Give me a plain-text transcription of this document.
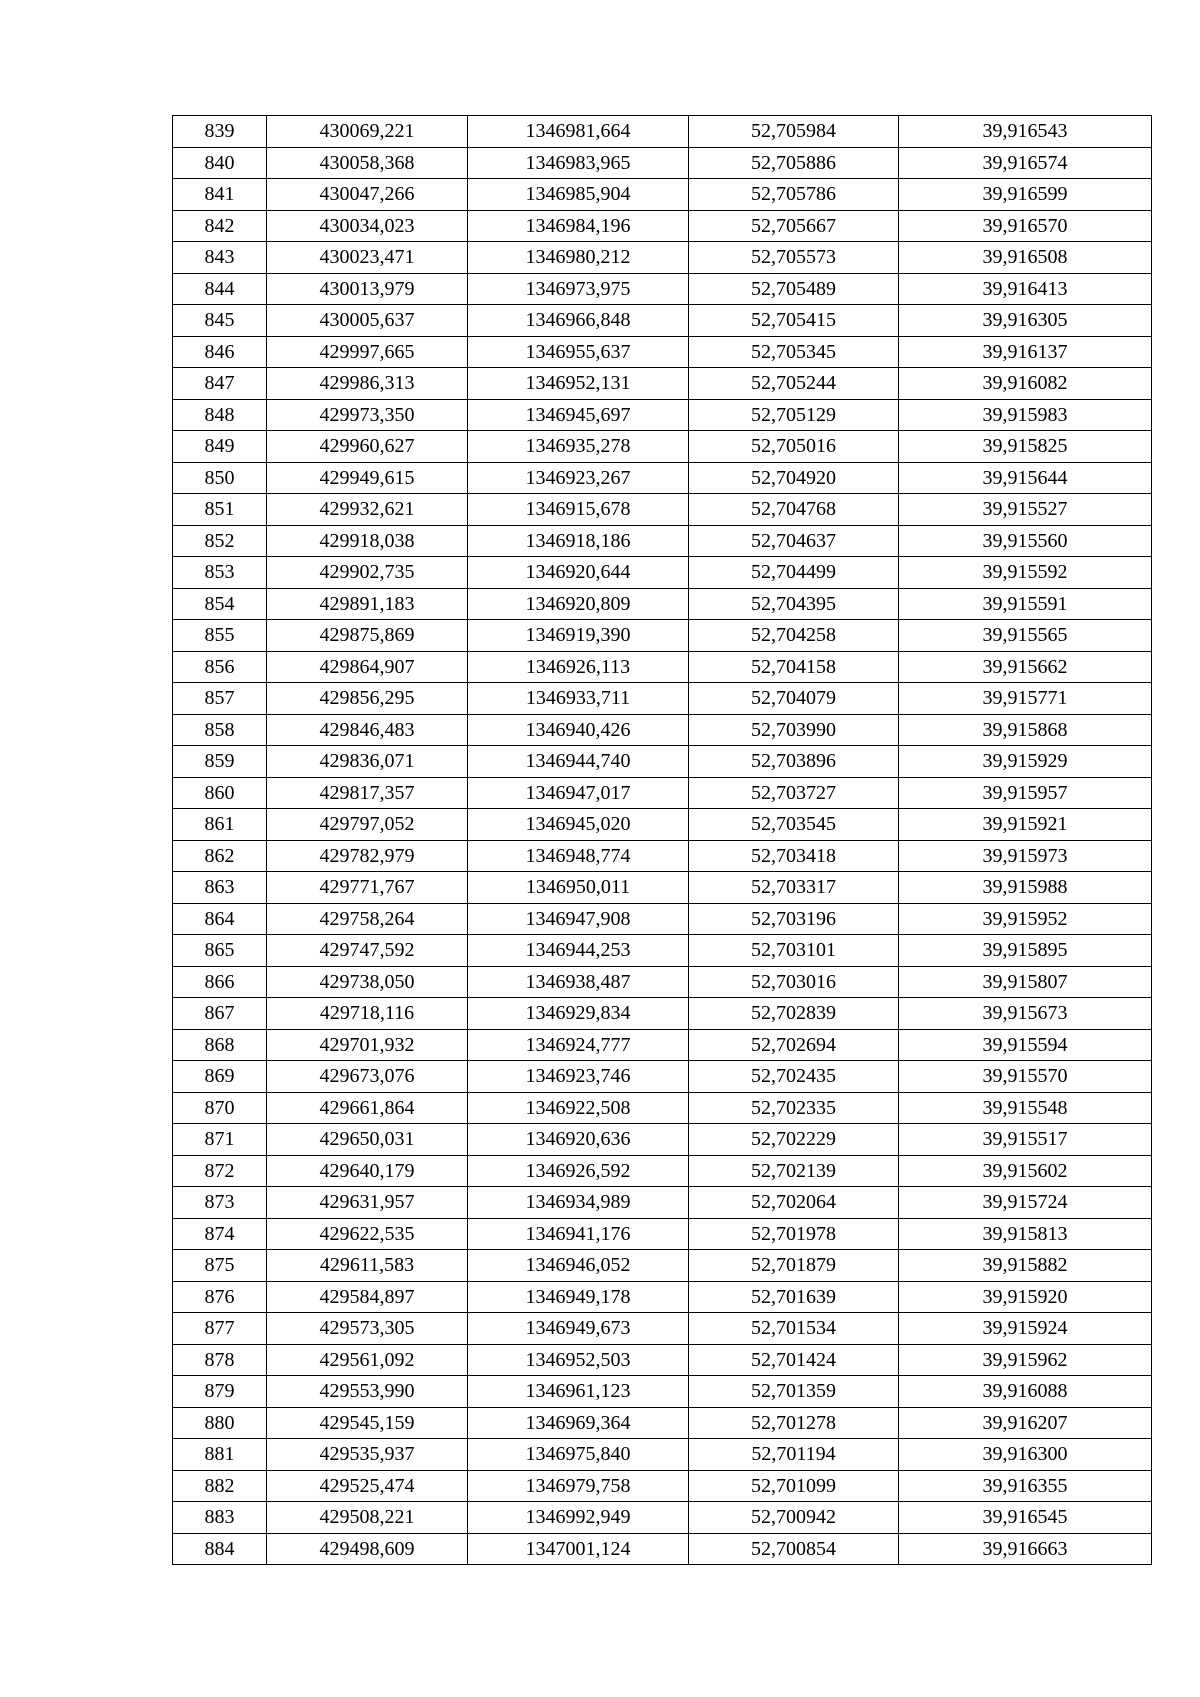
839	430069,221	1346981,664	52,705984	39,916543
840	430058,368	1346983,965	52,705886	39,916574
841	430047,266	1346985,904	52,705786	39,916599
842	430034,023	1346984,196	52,705667	39,916570
843	430023,471	1346980,212	52,705573	39,916508
844	430013,979	1346973,975	52,705489	39,916413
845	430005,637	1346966,848	52,705415	39,916305
846	429997,665	1346955,637	52,705345	39,916137
847	429986,313	1346952,131	52,705244	39,916082
848	429973,350	1346945,697	52,705129	39,915983
849	429960,627	1346935,278	52,705016	39,915825
850	429949,615	1346923,267	52,704920	39,915644
851	429932,621	1346915,678	52,704768	39,915527
852	429918,038	1346918,186	52,704637	39,915560
853	429902,735	1346920,644	52,704499	39,915592
854	429891,183	1346920,809	52,704395	39,915591
855	429875,869	1346919,390	52,704258	39,915565
856	429864,907	1346926,113	52,704158	39,915662
857	429856,295	1346933,711	52,704079	39,915771
858	429846,483	1346940,426	52,703990	39,915868
859	429836,071	1346944,740	52,703896	39,915929
860	429817,357	1346947,017	52,703727	39,915957
861	429797,052	1346945,020	52,703545	39,915921
862	429782,979	1346948,774	52,703418	39,915973
863	429771,767	1346950,011	52,703317	39,915988
864	429758,264	1346947,908	52,703196	39,915952
865	429747,592	1346944,253	52,703101	39,915895
866	429738,050	1346938,487	52,703016	39,915807
867	429718,116	1346929,834	52,702839	39,915673
868	429701,932	1346924,777	52,702694	39,915594
869	429673,076	1346923,746	52,702435	39,915570
870	429661,864	1346922,508	52,702335	39,915548
871	429650,031	1346920,636	52,702229	39,915517
872	429640,179	1346926,592	52,702139	39,915602
873	429631,957	1346934,989	52,702064	39,915724
874	429622,535	1346941,176	52,701978	39,915813
875	429611,583	1346946,052	52,701879	39,915882
876	429584,897	1346949,178	52,701639	39,915920
877	429573,305	1346949,673	52,701534	39,915924
878	429561,092	1346952,503	52,701424	39,915962
879	429553,990	1346961,123	52,701359	39,916088
880	429545,159	1346969,364	52,701278	39,916207
881	429535,937	1346975,840	52,701194	39,916300
882	429525,474	1346979,758	52,701099	39,916355
883	429508,221	1346992,949	52,700942	39,916545
884	429498,609	1347001,124	52,700854	39,916663
